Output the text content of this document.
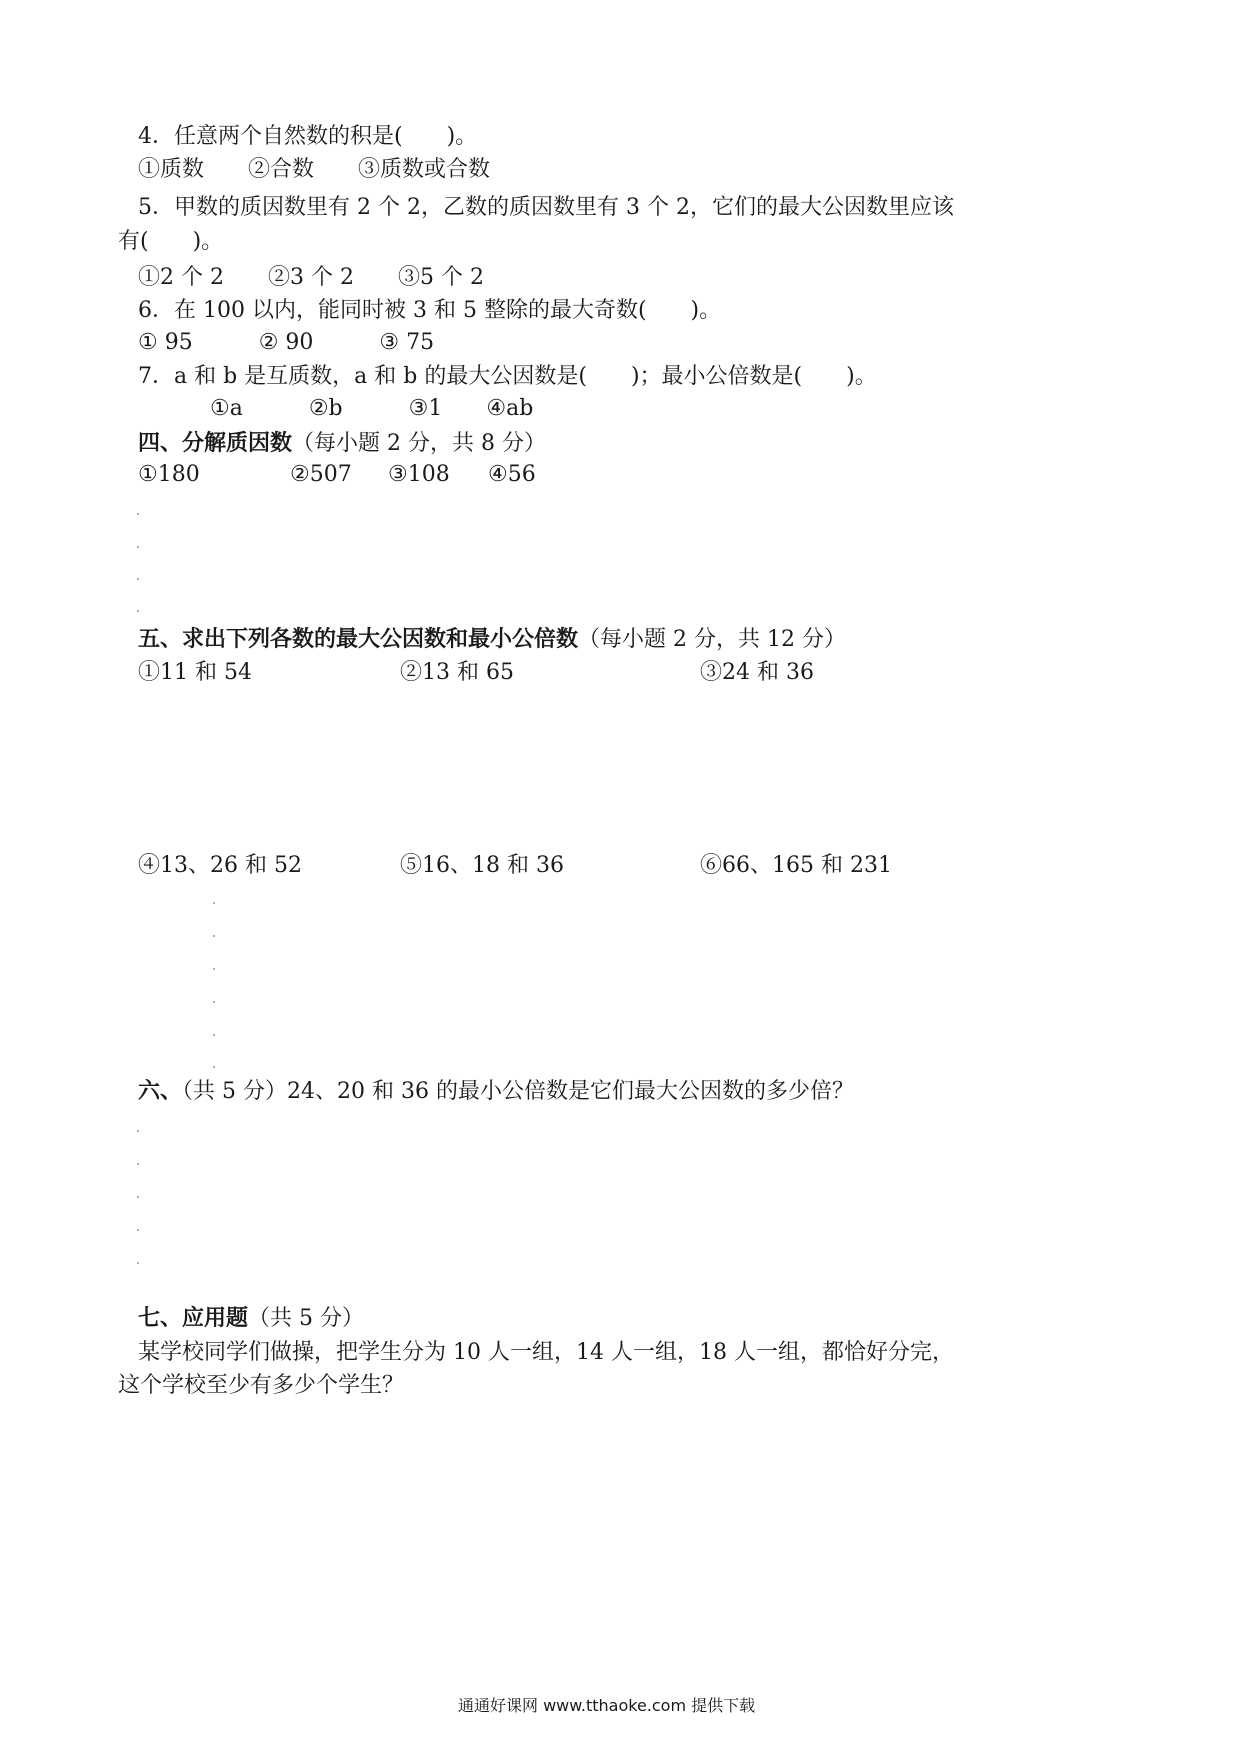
4．任意两个自然数的积是(　　)。
①质数　　②合数　　③质数或合数
5．甲数的质因数里有 2 个 2，乙数的质因数里有 3 个 2，它们的最大公因数里应该
有(　　)。
①2 个 2　　②3 个 2　　③5 个 2
6．在 100 以内，能同时被 3 和 5 整除的最大奇数(　　)。
① 95　　　② 90　　　③ 75
7．a 和 b 是互质数，a 和 b 的最大公因数是(　　)；最小公倍数是(　　)。
①a　　　②b　　　③1　　④ab
四、分解质因数（每小题 2 分，共 8 分）
①180	②507 ③108 ④56
五、求出下列各数的最大公因数和最小公倍数（每小题 2 分，共 12 分）
①11 和 54	②13 和 65	③24 和 36
④13、26 和 52	⑤16、18 和 36	⑥66、165 和 231
六、（共 5 分）24、20 和 36 的最小公倍数是它们最大公因数的多少倍？
七、应用题（共 5 分）
某学校同学们做操，把学生分为 10 人一组，14 人一组，18 人一组，都恰好分完，
这个学校至少有多少个学生？
通通好课网 www.tthaoke.com 提供下载
